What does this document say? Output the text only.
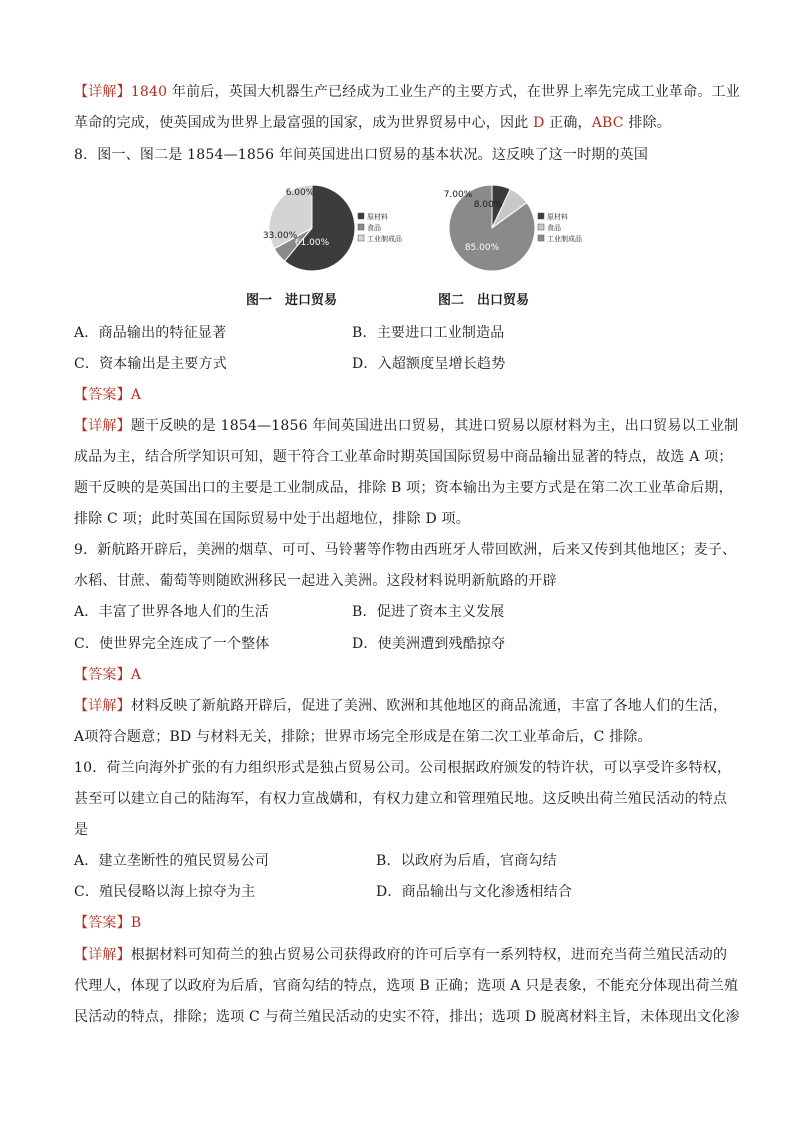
【详解】1840 年前后，英国大机器生产已经成为工业生产的主要方式，在世界上率先完成工业革命。工业
革命的完成，使英国成为世界上最富强的国家，成为世界贸易中心，因此 D 正确，ABC 排除。
8．图一、图二是 1854—1856 年间英国进出口贸易的基本状况。这反映了这一时期的英国
61.00%
6.00%
33.00%
原材料
食品
工业制成品
7.00%
8.00%
85.00%
原材料
食品
工业制成品
图一　进口贸易	图二　出口贸易
A．商品输出的特征显著	B．主要进口工业制造品
C．资本输出是主要方式	D．入超额度呈增长趋势
【答案】A
【详解】题干反映的是 1854—1856 年间英国进出口贸易，其进口贸易以原材料为主，出口贸易以工业制
成品为主，结合所学知识可知，题干符合工业革命时期英国国际贸易中商品输出显著的特点，故选 A 项；
题干反映的是英国出口的主要是工业制成品，排除 B 项；资本输出为主要方式是在第二次工业革命后期，
排除 C 项；此时英国在国际贸易中处于出超地位，排除 D 项。
9．新航路开辟后，美洲的烟草、可可、马铃薯等作物由西班牙人带回欧洲，后来又传到其他地区；麦子、
水稻、甘蔗、葡萄等则随欧洲移民一起进入美洲。这段材料说明新航路的开辟
A．丰富了世界各地人们的生活	B．促进了资本主义发展
C．使世界完全连成了一个整体	D．使美洲遭到残酷掠夺
【答案】A
【详解】材料反映了新航路开辟后，促进了美洲、欧洲和其他地区的商品流通，丰富了各地人们的生活，
A项符合题意；BD 与材料无关，排除；世界市场完全形成是在第二次工业革命后，C 排除。
10．荷兰向海外扩张的有力组织形式是独占贸易公司。公司根据政府颁发的特许状，可以享受许多特权，
甚至可以建立自己的陆海军，有权力宣战媾和，有权力建立和管理殖民地。这反映出荷兰殖民活动的特点
是
A．建立垄断性的殖民贸易公司	B．以政府为后盾，官商勾结
C．殖民侵略以海上掠夺为主	D．商品输出与文化渗透相结合
【答案】B
【详解】根据材料可知荷兰的独占贸易公司获得政府的许可后享有一系列特权，进而充当荷兰殖民活动的
代理人，体现了以政府为后盾，官商勾结的特点，选项 B 正确；选项 A 只是表象，不能充分体现出荷兰殖
民活动的特点，排除；选项 C 与荷兰殖民活动的史实不符，排出；选项 D 脱离材料主旨，未体现出文化渗
